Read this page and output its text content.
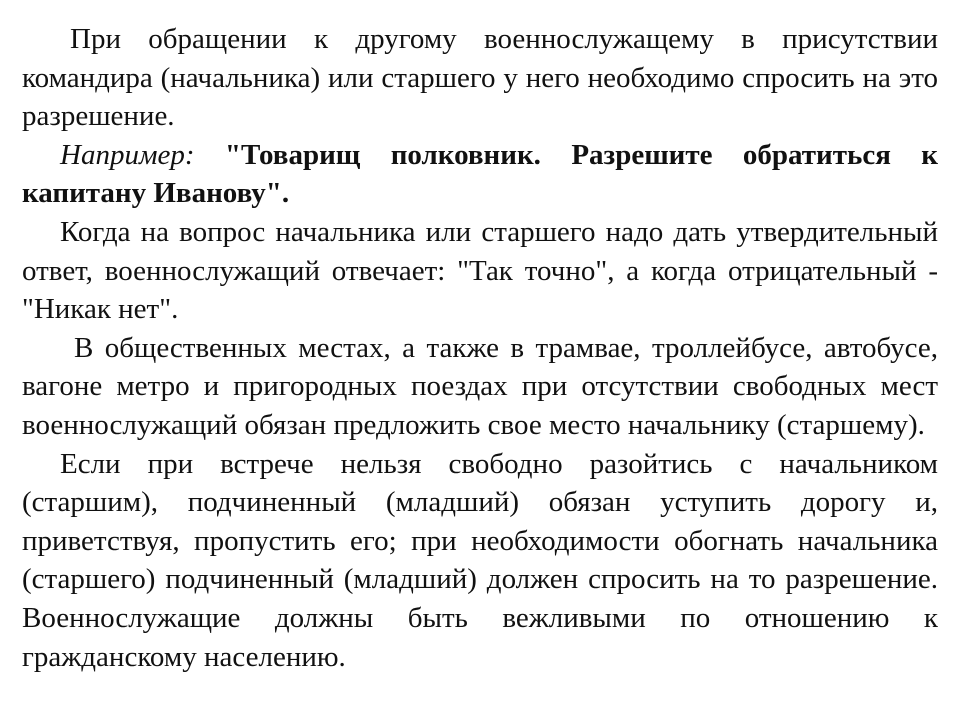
При обращении к другому военнослужащему в присутствии командира (начальника) или старшего у него необходимо спросить на это разрешение.

Например: "Товарищ полковник. Разрешите обратиться к капитану Иванову".

Когда на вопрос начальника или старшего надо дать утвердительный ответ, военнослужащий отвечает: "Так точно", а когда отрицательный - "Никак нет".

В общественных местах, а также в трамвае, троллейбусе, автобусе, вагоне метро и пригородных поездах при отсутствии свободных мест военнослужащий обязан предложить свое место начальнику (старшему).

Если при встрече нельзя свободно разойтись с начальником (старшим), подчиненный (младший) обязан уступить дорогу и, приветствуя, пропустить его; при необходимости обогнать начальника (старшего) подчиненный (младший) должен спросить на то разрешение. Военнослужащие должны быть вежливыми по отношению к гражданскому населению.
